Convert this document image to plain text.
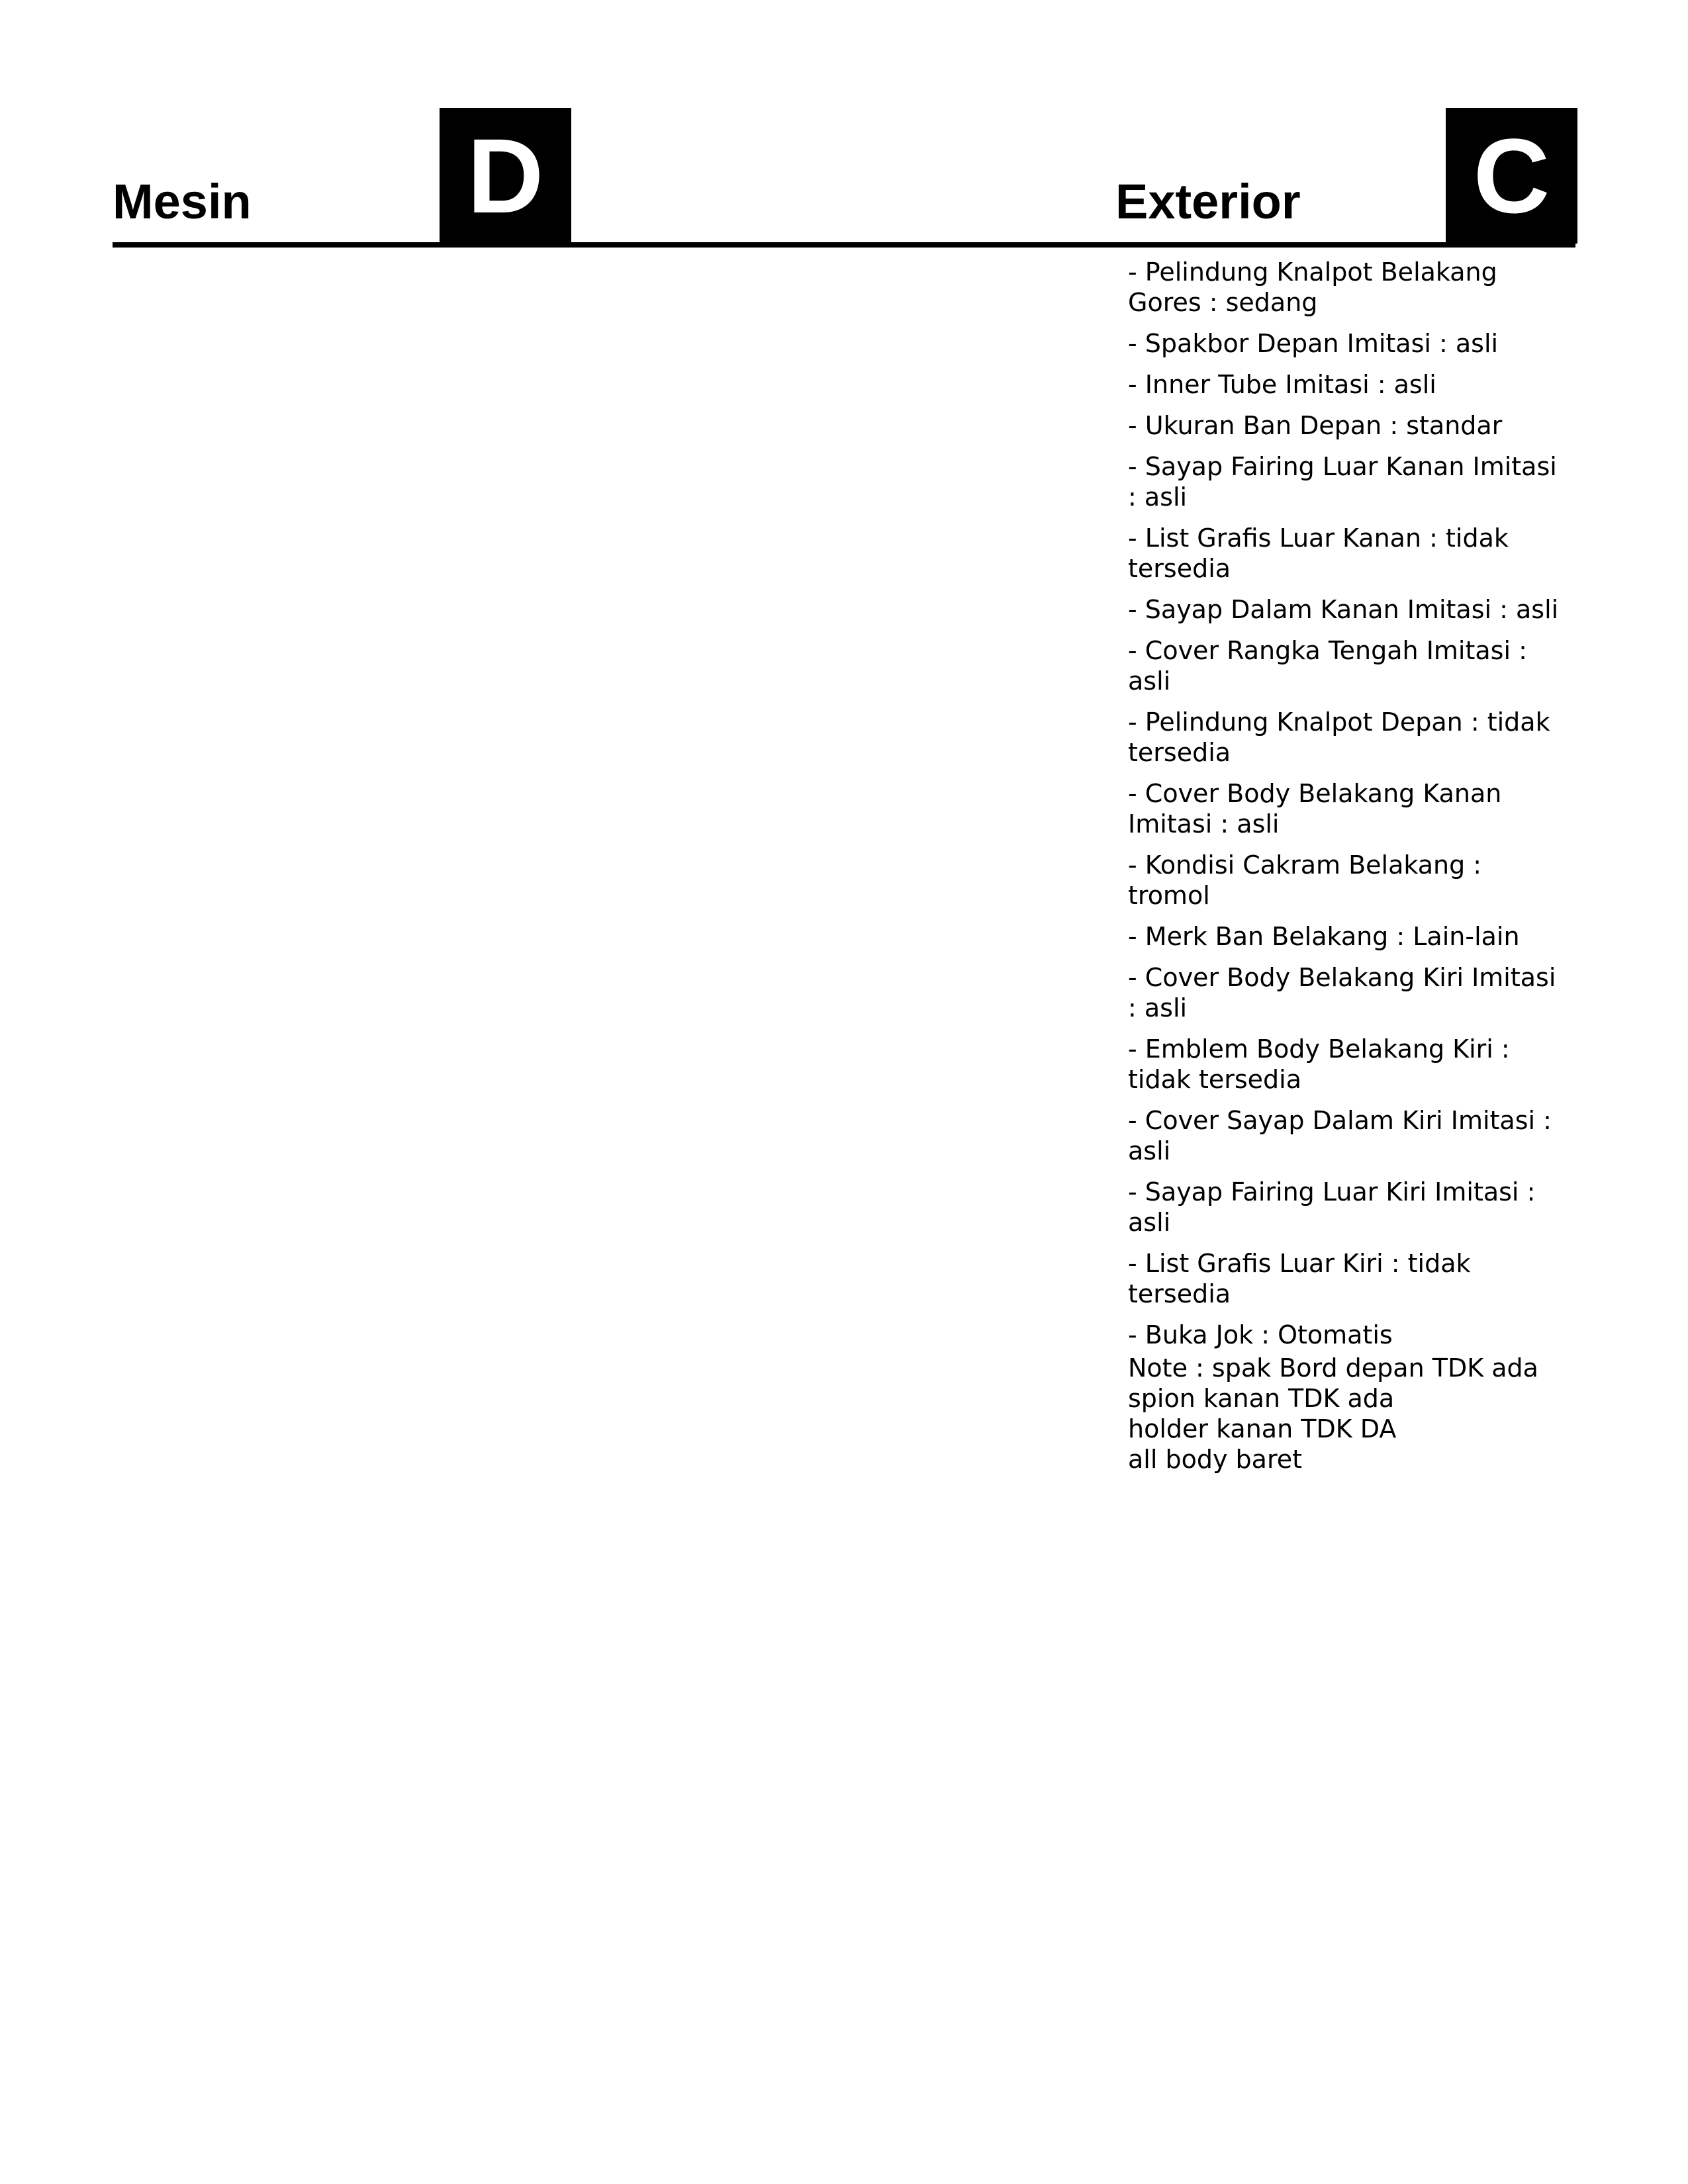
Mesin D	Exterior C
- Pelindung Knalpot Belakang Gores : sedang
- Spakbor Depan Imitasi : asli
- Inner Tube Imitasi : asli
- Ukuran Ban Depan : standar
- Sayap Fairing Luar Kanan Imitasi : asli
- List Grafis Luar Kanan : tidak tersedia
- Sayap Dalam Kanan Imitasi : asli
- Cover Rangka Tengah Imitasi : asli
- Pelindung Knalpot Depan : tidak tersedia
- Cover Body Belakang Kanan Imitasi : asli
- Kondisi Cakram Belakang : tromol
- Merk Ban Belakang : Lain-lain
- Cover Body Belakang Kiri Imitasi : asli
- Emblem Body Belakang Kiri : tidak tersedia
- Cover Sayap Dalam Kiri Imitasi : asli
- Sayap Fairing Luar Kiri Imitasi : asli
- List Grafis Luar Kiri : tidak tersedia
- Buka Jok : Otomatis

Note : spak Bord depan TDK ada
spion kanan TDK ada
holder kanan TDK DA
all body baret
